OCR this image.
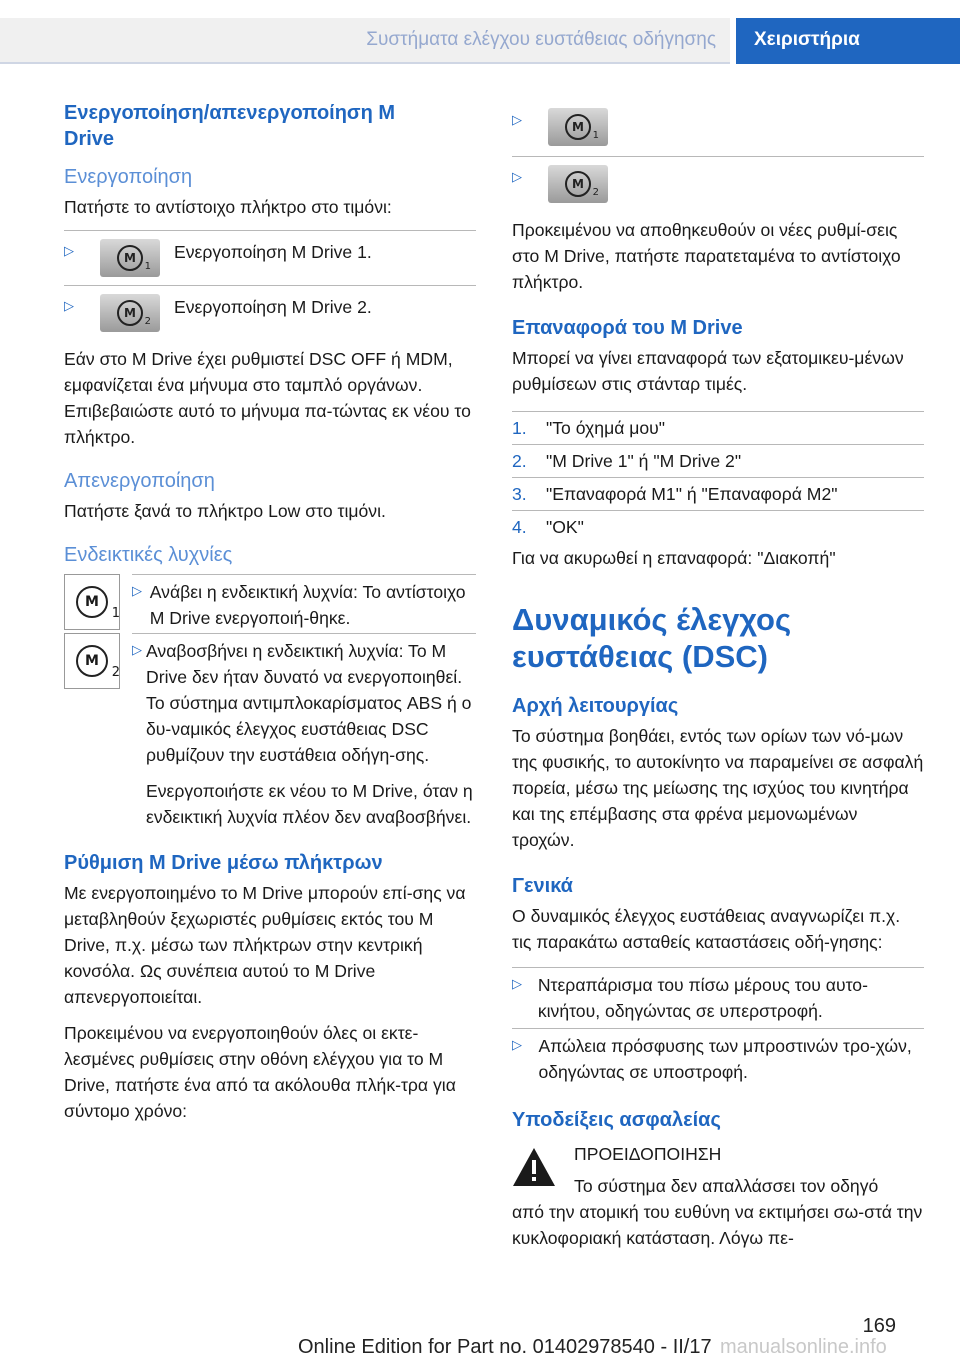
Συστήματα ελέγχου ευστάθειας οδήγησης Χειριστήρια

Ενεργοποίηση/απενεργοποίηση M Drive

Ενεργοποίηση

Πατήστε το αντίστοιχο πλήκτρο στο τιμόνι:

▷	M
1

Ενεργοποίηση M Drive 1.

▷	M
2

Ενεργοποίηση M Drive 2.

Εάν στο M Drive έχει ρυθμιστεί DSC OFF ή MDM, εμφανίζεται ένα μήνυμα στο ταμπλό οργάνων. Επιβεβαιώστε αυτό το μήνυμα πα-τώντας εκ νέου το πλήκτρο.

Απενεργοποίηση

Πατήστε ξανά το πλήκτρο Low στο τιμόνι.

Ενδεικτικές λυχνίες

M
1
▷ Ανάβει η ενδεικτική λυχνία: Το αντίστοιχο M Drive ενεργοποιή-θηκε.

M
2
▷ Αναβοσβήνει η ενδεικτική λυχνία: Το M Drive δεν ήταν δυνατό να ενεργοποιηθεί. Το σύστημα αντιμπλοκαρίσματος ABS ή ο δυ-ναμικός έλεγχος ευστάθειας DSC ρυθμίζουν την ευστάθεια οδήγη-σης.

Ενεργοποιήστε εκ νέου το M Drive, όταν η ενδεικτική λυχνία πλέον δεν αναβοσβήνει.

Ρύθμιση M Drive μέσω πλήκτρων

Με ενεργοποιημένο το M Drive μπορούν επί-σης να μεταβληθούν ξεχωριστές ρυθμίσεις εκτός του M Drive, π.χ. μέσω των πλήκτρων στην κεντρική κονσόλα. Ως συνέπεια αυτού το M Drive απενεργοποιείται.

Προκειμένου να ενεργοποιηθούν όλες οι εκτε-λεσμένες ρυθμίσεις στην οθόνη ελέγχου για το M Drive, πατήστε ένα από τα ακόλουθα πλήκ-τρα για σύντομο χρόνο:

▷	M
1
▷	M
2

Προκειμένου να αποθηκευθούν οι νέες ρυθμί-σεις στο M Drive, πατήστε παρατεταμένα το αντίστοιχο πλήκτρο.

Επαναφορά του M Drive

Μπορεί να γίνει επαναφορά των εξατομικευ-μένων ρυθμίσεων στις στάνταρ τιμές.

1. "Το όχημά μου"
2. "M Drive 1" ή "M Drive 2"
3. "Επαναφορά M1" ή "Επαναφορά M2"
4. "OK"

Για να ακυρωθεί η επαναφορά: "Διακοπή"

Δυναμικός έλεγχος ευστάθειας (DSC)

Αρχή λειτουργίας

Το σύστημα βοηθάει, εντός των ορίων των νό-μων της φυσικής, το αυτοκίνητο να παραμείνει σε ασφαλή πορεία, μέσω της μείωσης της ισχύος του κινητήρα και της επέμβασης στα φρένα μεμονωμένων τροχών.

Γενικά

Ο δυναμικός έλεγχος ευστάθειας αναγνωρίζει π.χ. τις παρακάτω ασταθείς καταστάσεις οδή-γησης:

▷ Ντεραπάρισμα του πίσω μέρους του αυτο-κινήτου, οδηγώντας σε υπερστροφή.

▷ Απώλεια πρόσφυσης των μπροστινών τρο-χών, οδηγώντας σε υποστροφή.

Υποδείξεις ασφαλείας

ΠΡΟΕΙΔΟΠΟΙΗΣΗ

Το σύστημα δεν απαλλάσσει τον οδηγό

από την ατομική του ευθύνη να εκτιμήσει σω-στά την κυκλοφοριακή κατάσταση. Λόγω πε-

169
Online Edition for Part no. 01402978540 - II/17 manualsonline.info
